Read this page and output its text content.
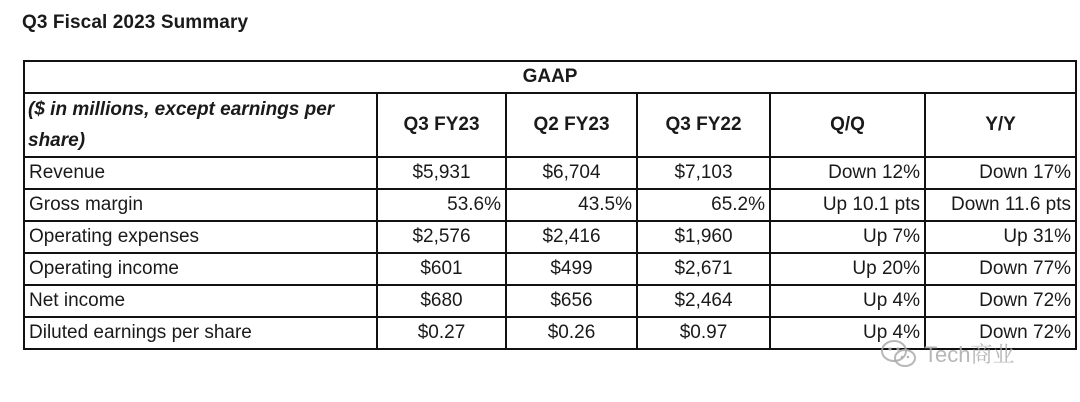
Q3 Fiscal 2023 Summary
GAAP					
($ in millions, except earnings per share)	Q3 FY23	Q2 FY23	Q3 FY22	Q/Q	Y/Y
Revenue	$5,931	$6,704	$7,103	Down 12%	Down 17%
Gross margin	53.6%	43.5%	65.2%	Up 10.1 pts	Down 11.6 pts
Operating expenses	$2,576	$2,416	$1,960	Up 7%	Up 31%
Operating income	$601	$499	$2,671	Up 20%	Down 77%
Net income	$680	$656	$2,464	Up 4%	Down 72%
Diluted earnings per share	$0.27	$0.26	$0.97	Up 4%	Down 72%
Tech商业
